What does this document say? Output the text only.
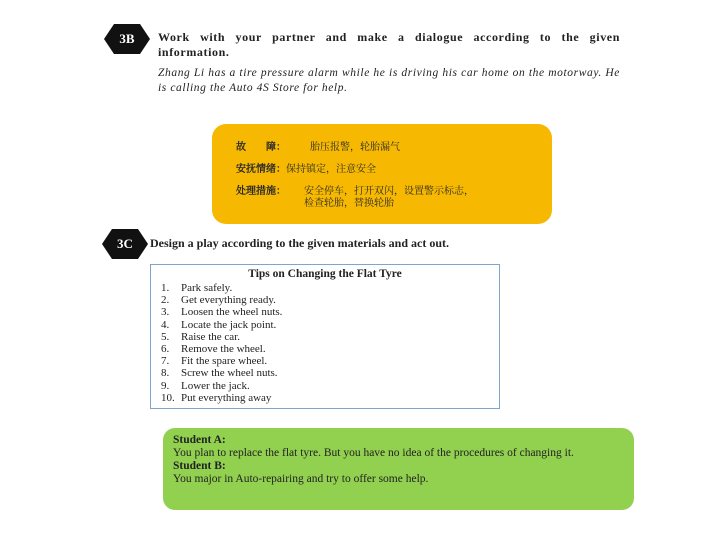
3B	Work with your partner and make a dialogue according to the given information.
Zhang Li has a tire pressure alarm while he is driving his car home on the motorway. He is calling the Auto 4S Store for help.
故　　障： 胎压报警，轮胎漏气
安抚情绪：保持镇定，注意安全
处理措施： 安全停车，打开双闪，设置警示标志，
检查轮胎，替换轮胎
3C	Design a play according to the given materials and act out.
Tips on Changing the Flat Tyre
1. Park safely.
2. Get everything ready.
3. Loosen the wheel nuts.
4. Locate the jack point.
5. Raise the car.
6. Remove the wheel.
7. Fit the spare wheel.
8. Screw the wheel nuts.
9. Lower the jack.
10. Put everything away
Student A:
You plan to replace the flat tyre. But you have no idea of the procedures of changing it.
Student B:
You major in Auto-repairing and try to offer some help.
